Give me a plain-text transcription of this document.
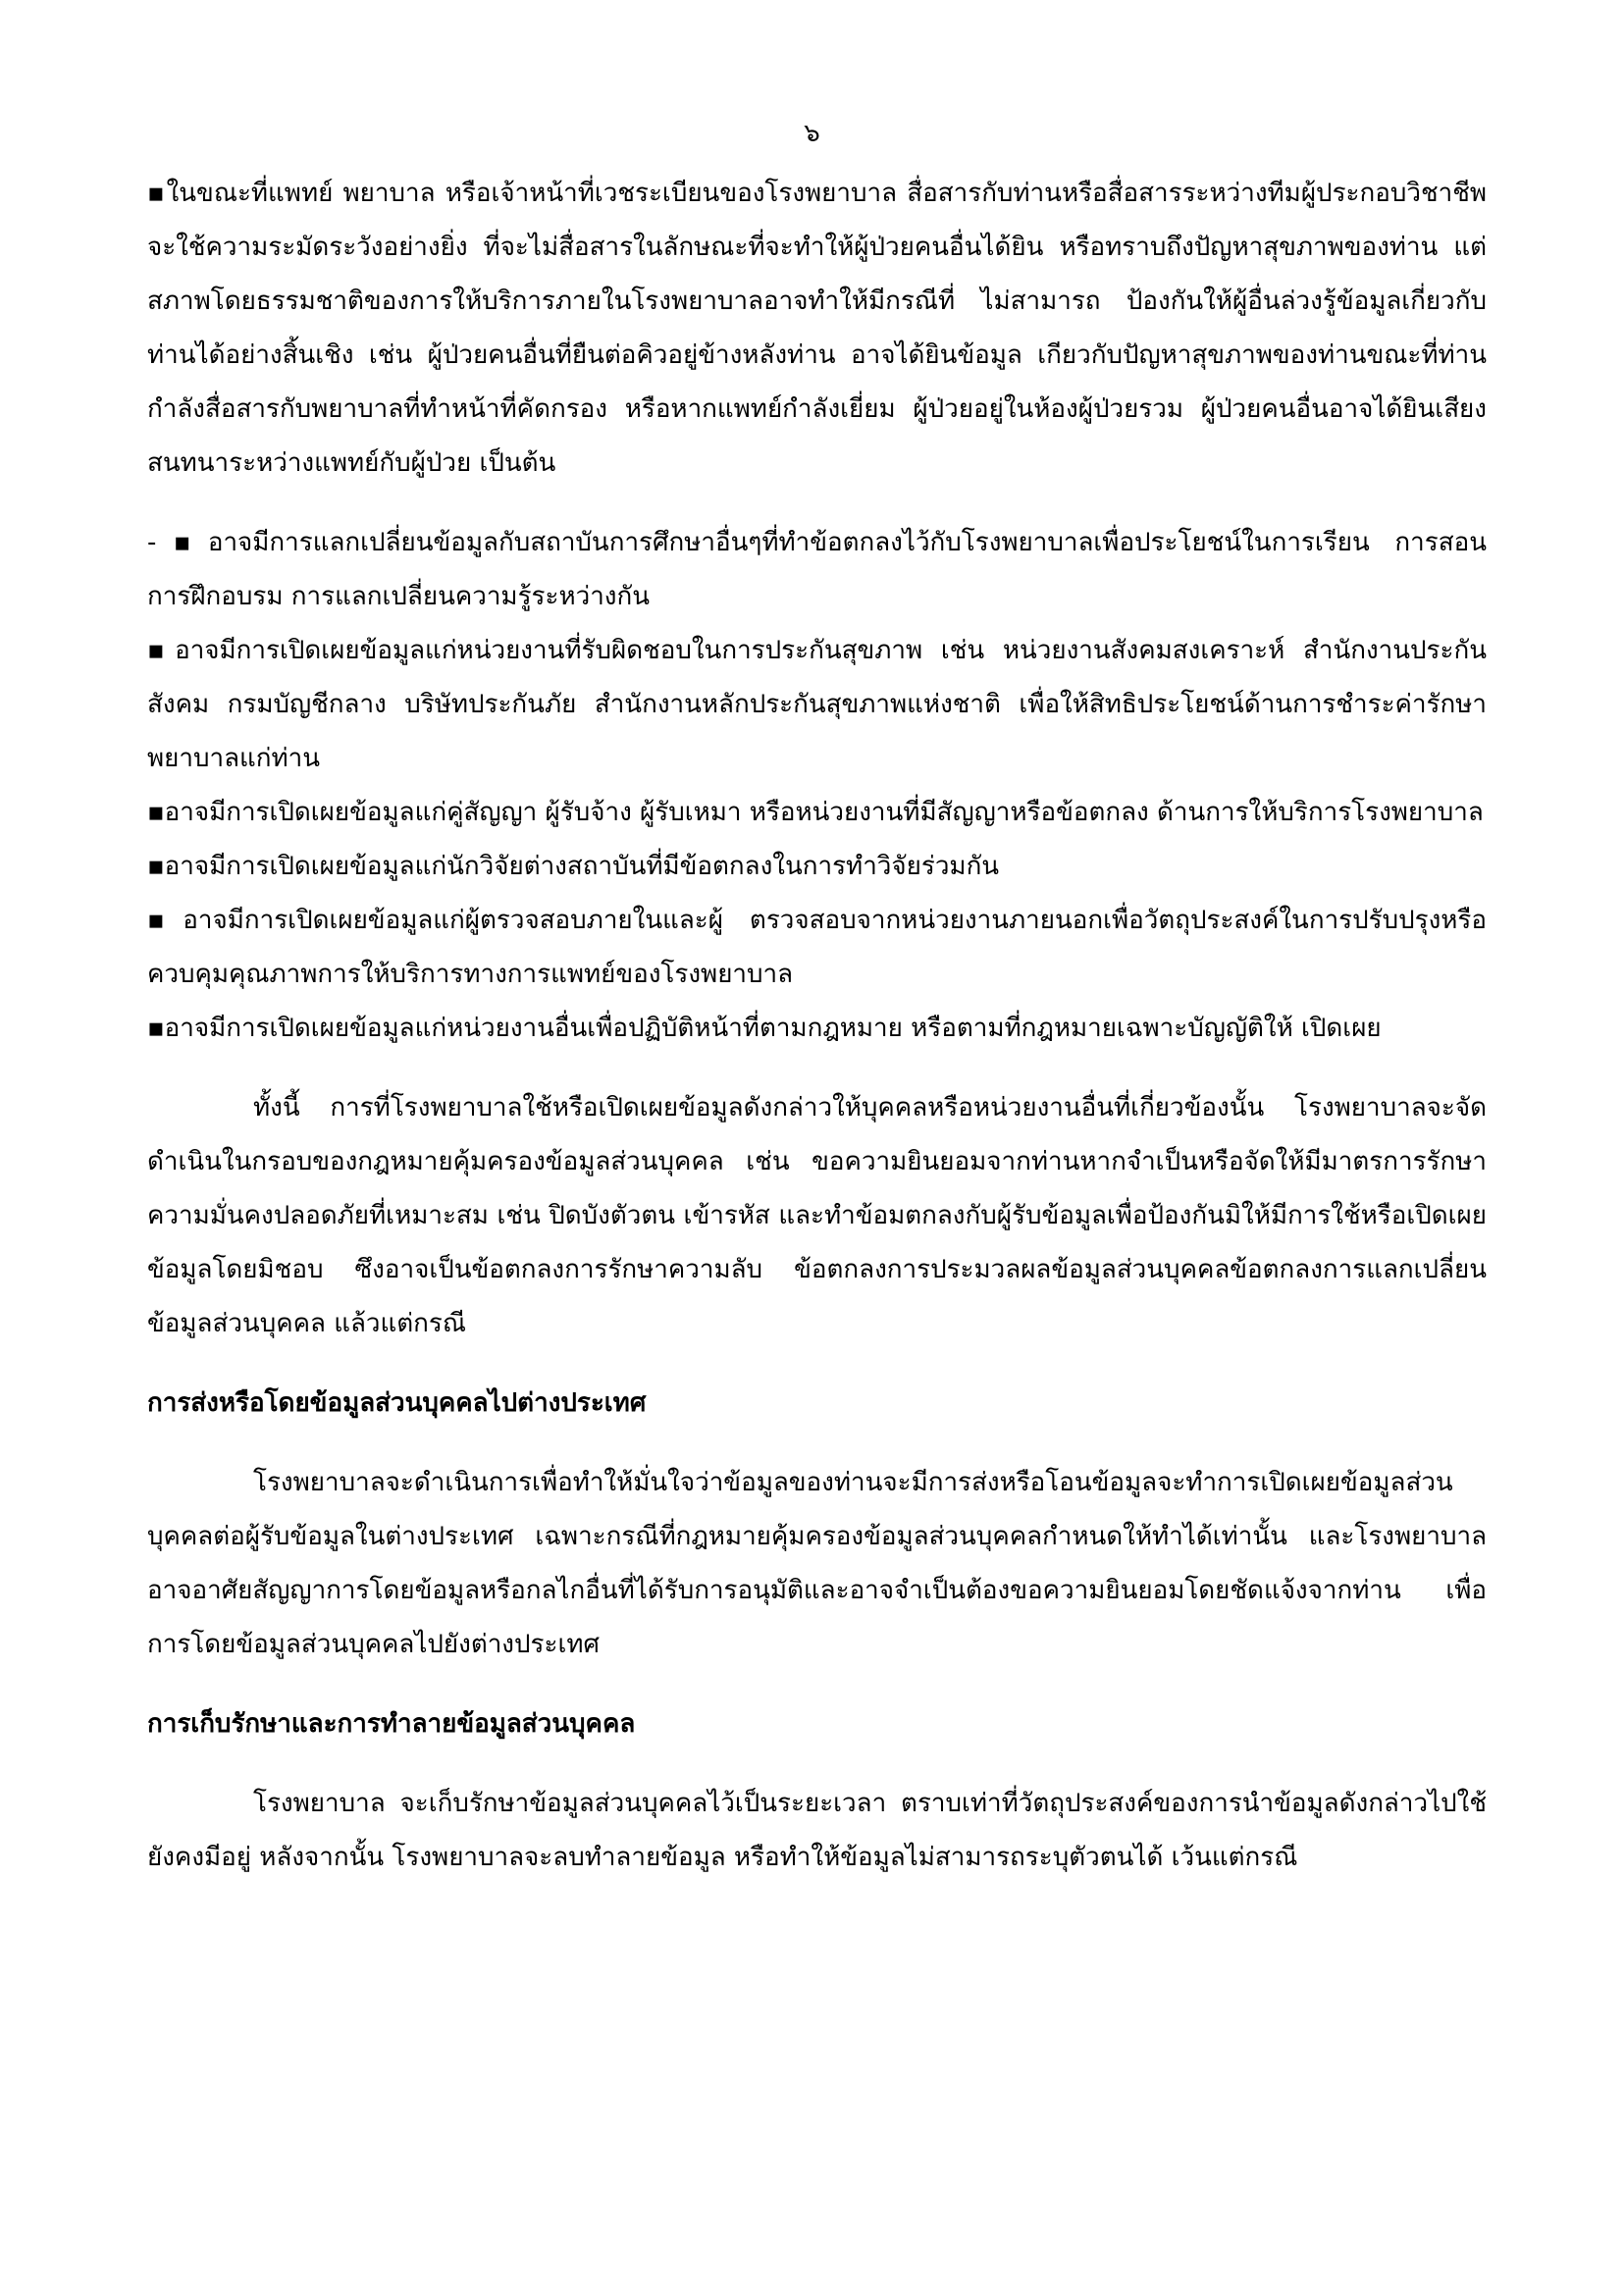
๖

▪ในขณะที่แพทย์ พยาบาล หรือเจ้าหน้าที่เวชระเบียนของโรงพยาบาล สื่อสารกับท่านหรือสื่อสารระหว่างทีมผู้ประกอบวิชาชีพ จะใช้ความระมัดระวังอย่างยิ่ง ที่จะไม่สื่อสารในลักษณะที่จะทำให้ผู้ป่วยคนอื่นได้ยิน หรือทราบถึงปัญหาสุขภาพของท่าน แต่สภาพโดยธรรมชาติของการให้บริการภายในโรงพยาบาลอาจทำให้มีกรณีที่ ไม่สามารถ ป้องกันให้ผู้อื่นล่วงรู้ข้อมูลเกี่ยวกับท่านได้อย่างสิ้นเชิง เช่น ผู้ป่วยคนอื่นที่ยืนต่อคิวอยู่ข้างหลังท่าน อาจได้ยินข้อมูล เกียวกับปัญหาสุขภาพของท่านขณะที่ท่านกำลังสื่อสารกับพยาบาลที่ทำหน้าที่คัดกรอง หรือหากแพทย์กำลังเยี่ยม ผู้ป่วยอยู่ในห้องผู้ป่วยรวม ผู้ป่วยคนอื่นอาจได้ยินเสียงสนทนาระหว่างแพทย์กับผู้ป่วย เป็นต้น

-▪อาจมีการแลกเปลี่ยนข้อมูลกับสถาบันการศึกษาอื่นๆที่ทำข้อตกลงไว้กับโรงพยาบาลเพื่อประโยชน์ในการเรียน การสอน การฝึกอบรม การแลกเปลี่ยนความรู้ระหว่างกัน

▪อาจมีการเปิดเผยข้อมูลแก่หน่วยงานที่รับผิดชอบในการประกันสุขภาพ เช่น หน่วยงานสังคมสงเคราะห์ สำนักงานประกันสังคม กรมบัญชีกลาง บริษัทประกันภัย สำนักงานหลักประกันสุขภาพแห่งชาติ เพื่อให้สิทธิประโยชน์ด้านการชำระค่ารักษาพยาบาลแก่ท่าน

▪อาจมีการเปิดเผยข้อมูลแก่คู่สัญญา ผู้รับจ้าง ผู้รับเหมา หรือหน่วยงานที่มีสัญญาหรือข้อตกลง ด้านการให้บริการโรงพยาบาล

▪อาจมีการเปิดเผยข้อมูลแก่นักวิจัยต่างสถาบันที่มีข้อตกลงในการทำวิจัยร่วมกัน

▪อาจมีการเปิดเผยข้อมูลแก่ผู้ตรวจสอบภายในและผู้ ตรวจสอบจากหน่วยงานภายนอกเพื่อวัตถุประสงค์ในการปรับปรุงหรือควบคุมคุณภาพการให้บริการทางการแพทย์ของโรงพยาบาล

▪อาจมีการเปิดเผยข้อมูลแก่หน่วยงานอื่นเพื่อปฏิบัติหน้าที่ตามกฎหมาย หรือตามที่กฎหมายเฉพาะบัญญัติให้ เปิดเผย

ทั้งนี้ การที่โรงพยาบาลใช้หรือเปิดเผยข้อมูลดังกล่าวให้บุคคลหรือหน่วยงานอื่นที่เกี่ยวข้องนั้น โรงพยาบาลจะจัดดำเนินในกรอบของกฎหมายคุ้มครองข้อมูลส่วนบุคคล เช่น ขอความยินยอมจากท่านหากจำเป็นหรือจัดให้มีมาตรการรักษาความมั่นคงปลอดภัยที่เหมาะสม เช่น ปิดบังตัวตน เข้ารหัส และทำข้อมตกลงกับผู้รับข้อมูลเพื่อป้องกันมิให้มีการใช้หรือเปิดเผยข้อมูลโดยมิชอบ ซึงอาจเป็นข้อตกลงการรักษาความลับ ข้อตกลงการประมวลผลข้อมูลส่วนบุคคลข้อตกลงการแลกเปลี่ยนข้อมูลส่วนบุคคล แล้วแต่กรณี

การส่งหรือโดยข้อมูลส่วนบุคคลไปต่างประเทศ

โรงพยาบาลจะดำเนินการเพื่อทำให้มั่นใจว่าข้อมูลของท่านจะมีการส่งหรือโอนข้อมูลจะทำการเปิดเผยข้อมูลส่วนบุคคลต่อผู้รับข้อมูลในต่างประเทศ เฉพาะกรณีที่กฎหมายคุ้มครองข้อมูลส่วนบุคคลกำหนดให้ทำได้เท่านั้น และโรงพยาบาล อาจอาศัยสัญญาการโดยข้อมูลหรือกลไกอื่นที่ได้รับการอนุมัติและอาจจำเป็นต้องขอความยินยอมโดยชัดแจ้งจากท่าน เพื่อการโดยข้อมูลส่วนบุคคลไปยังต่างประเทศ

การเก็บรักษาและการทำลายข้อมูลส่วนบุคคล

โรงพยาบาล จะเก็บรักษาข้อมูลส่วนบุคคลไว้เป็นระยะเวลา ตราบเท่าที่วัตถุประสงค์ของการนำข้อมูลดังกล่าวไปใช้ยังคงมีอยู่ หลังจากนั้น โรงพยาบาลจะลบทำลายข้อมูล หรือทำให้ข้อมูลไม่สามารถระบุตัวตนได้ เว้นแต่กรณี
